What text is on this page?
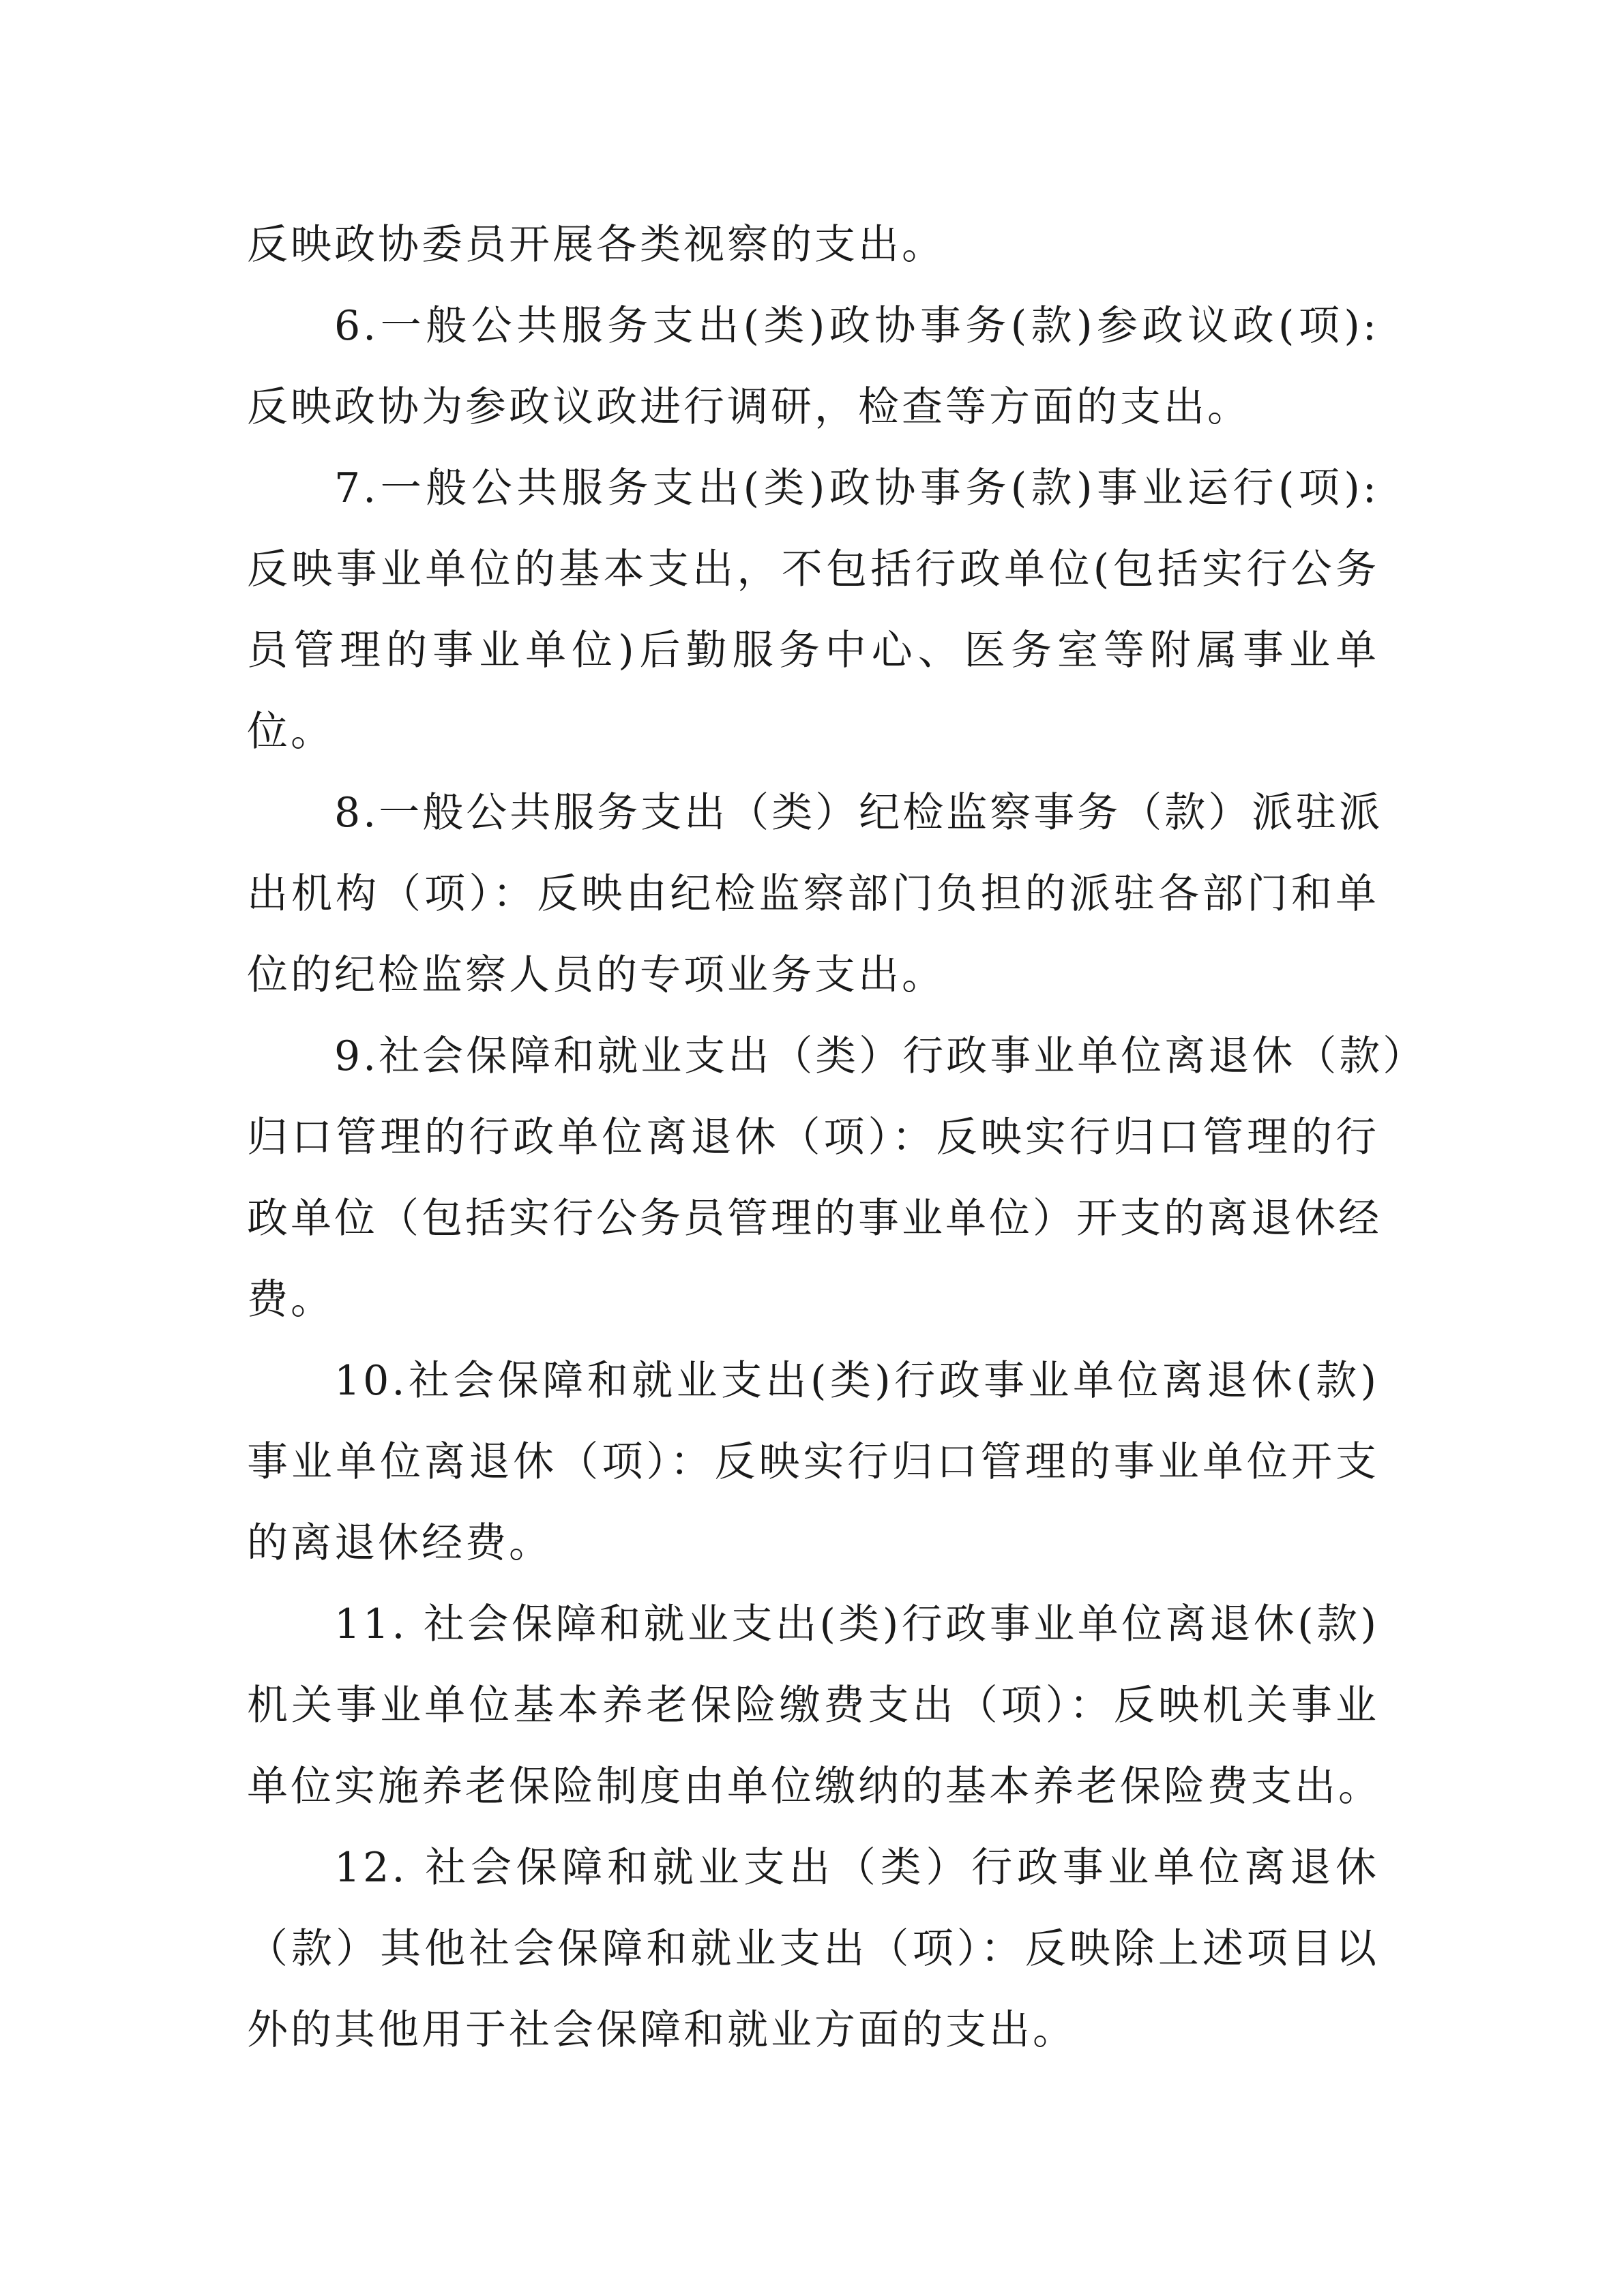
反映政协委员开展各类视察的支出。
6.一般公共服务支出(类)政协事务(款)参政议政(项):
反映政协为参政议政进行调研，检查等方面的支出。
7.一般公共服务支出(类)政协事务(款)事业运行(项):
反映事业单位的基本支出，不包括行政单位(包括实行公务
员管理的事业单位)后勤服务中心、医务室等附属事业单
位。
8.一般公共服务支出（类）纪检监察事务（款）派驻派
出机构（项）：反映由纪检监察部门负担的派驻各部门和单
位的纪检监察人员的专项业务支出。
9.社会保障和就业支出（类）行政事业单位离退休（款）
归口管理的行政单位离退休（项）：反映实行归口管理的行
政单位（包括实行公务员管理的事业单位）开支的离退休经
费。
10.社会保障和就业支出(类)行政事业单位离退休(款)
事业单位离退休（项）：反映实行归口管理的事业单位开支
的离退休经费。
11. 社会保障和就业支出(类)行政事业单位离退休(款)
机关事业单位基本养老保险缴费支出（项）：反映机关事业
单位实施养老保险制度由单位缴纳的基本养老保险费支出。
12. 社会保障和就业支出（类）行政事业单位离退休
（款）其他社会保障和就业支出（项）：反映除上述项目以
外的其他用于社会保障和就业方面的支出。
